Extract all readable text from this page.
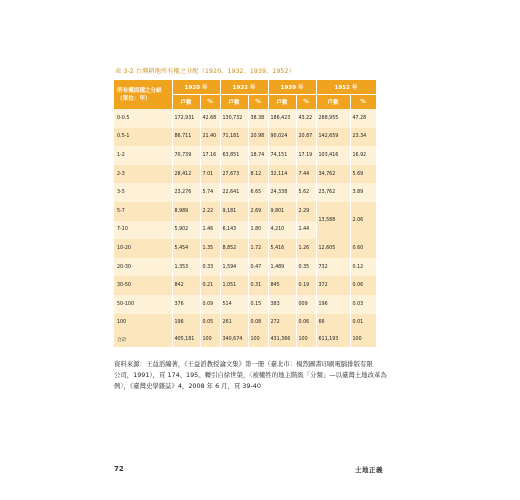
表 3-2 台灣耕地所有權之分配（1920、1932、1939、1952）
所有權面積之分級
（單位：甲）	1920 年		1932 年		1939 年		1952 年	
	戶數	%	戶數	%	戶數	%	戶數	%
0-0.5	172,931	42.68	130,732	38.38	186,423	43.22	288,955	47.28
0.5-1	86,711	21.40	71,181	20.98	90,024	20.87	142,659	23.34
1-2	70,739	17.16	63,851	18.74	74,151	17.19	103,416	16.92
2-3	28,412	7.01	27,673	8.12	32,114	7.44	34,762	5.69
3-5	23,276	5.74	22,641	6.65	24,338	5.62	23,762	3.89
5-7	8,989	2.22	9,181	2.69	9,801	2.29	13,588	2.06
7-10	5,902	1.46	6,143	1.80	4,210	1.44		
10-20	5,454	1.35	8,852	1.72	5,416	1.26	12,605	0.60
20-30	1,353	0.33	1,594	0.47	1,489	0.35	732	0.12
30-50	842	0.21	1,051	0.31	845	0.19	372	0.06
50-100	376	0.09	514	0.15	383	009	196	0.03
100	196	0.05	261	0.08	272	0.06	66	0.01
合計	405,181	100	340,674	100	431,366	100	611,193	100
資料來源：王益滔編著，《王益滔教授論文集》第一冊（臺北市：楊烈圖書印刷電腦排版有限
公司，1991），頁 174、195。轉引自徐世榮，〈被犧牲的地主階級「分類」—以臺灣土地改革為
例〉，《臺灣史學雜誌》4，2008 年 6 月，頁 39-40
72	土地正義
